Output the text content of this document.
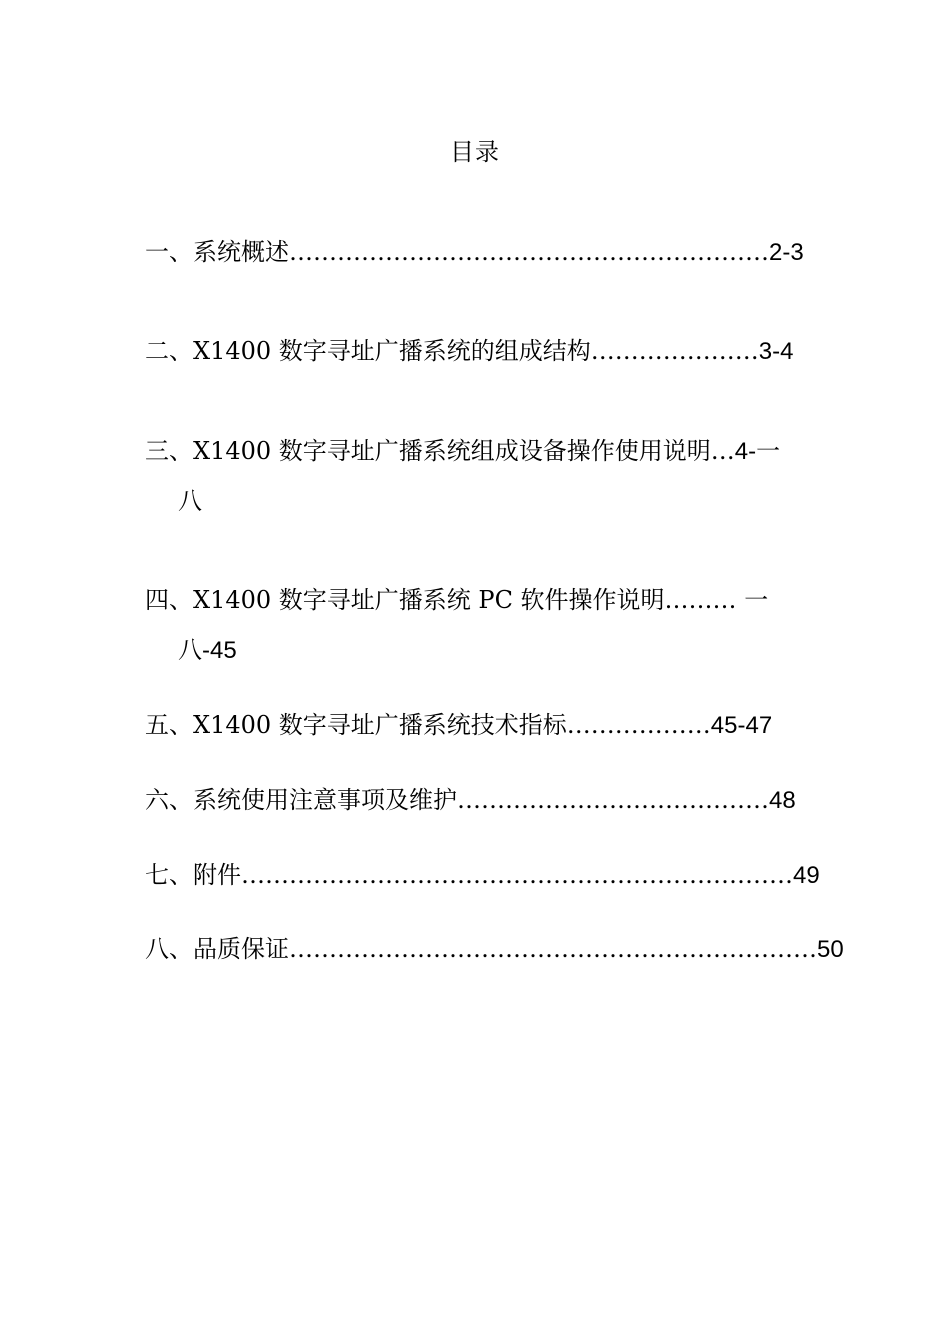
目录
一、系统概述……………………………………………………2-3
二、X1400 数字寻址广播系统的组成结构…………………3-4
三、X1400 数字寻址广播系统组成设备操作使用说明…4-一
八
四、X1400 数字寻址广播系统 PC 软件操作说明……… 一
八-45
五、X1400 数字寻址广播系统技术指标………………45-47
六、系统使用注意事项及维护…………………………………48
七、附件……………………………………………………………49
八、品质保证…………………………………………………………50
